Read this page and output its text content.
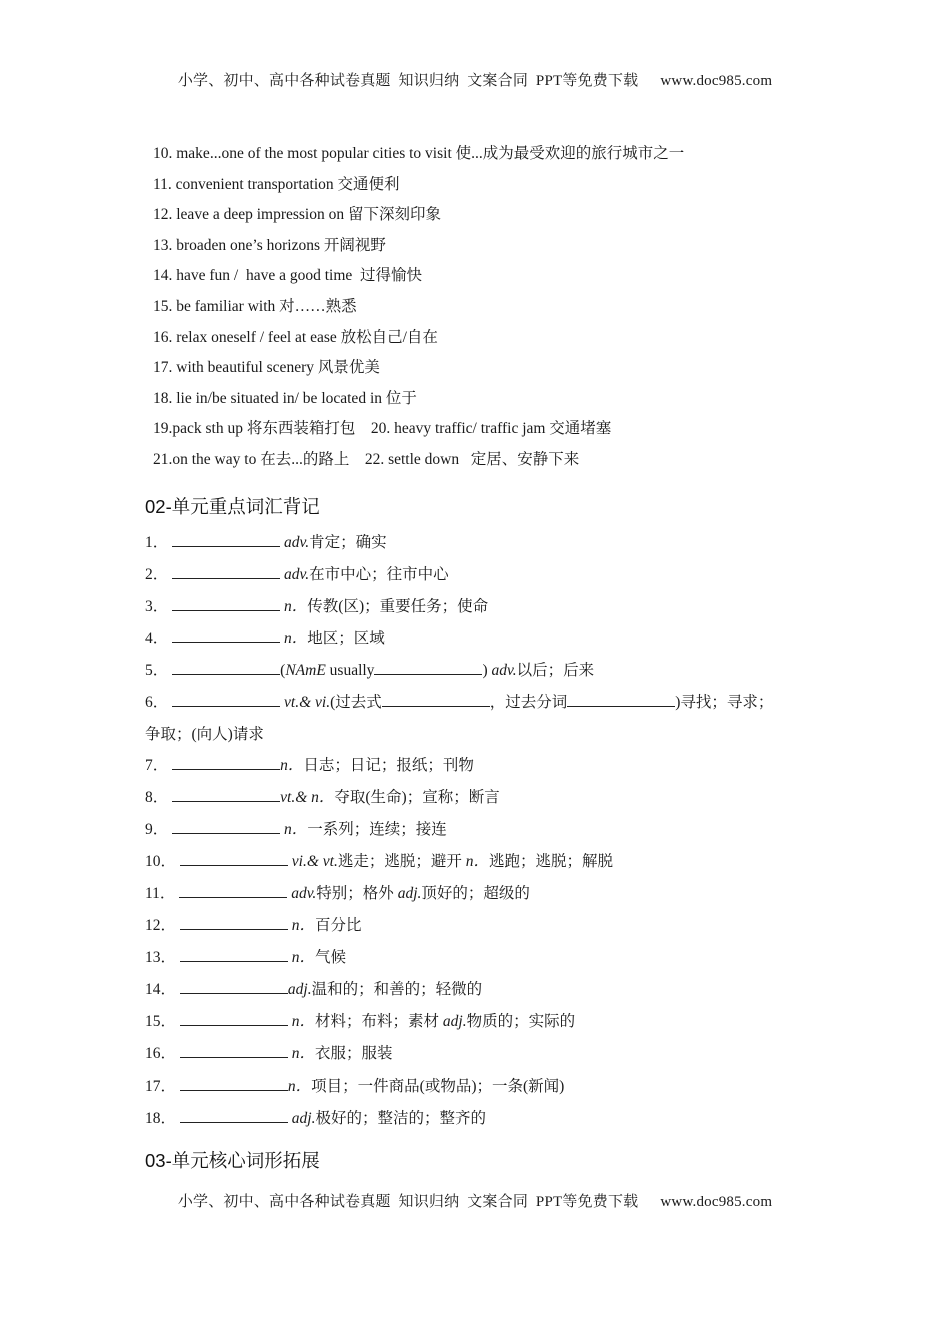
小学、初中、高中各种试卷真题  知识归纳  文案合同  PPT等免费下载 www.doc985.com
10. make...one of the most popular cities to visit 使...成为最受欢迎的旅行城市之一
11. convenient transportation 交通便利
12. leave a deep impression on 留下深刻印象
13. broaden one’s horizons 开阔视野
14. have fun /  have a good time  过得愉快
15. be familiar with 对……熟悉
16. relax oneself / feel at ease 放松自己/自在
17. with beautiful scenery 风景优美
18. lie in/be situated in/ be located in 位于
19.pack sth up 将东西装箱打包    20. heavy traffic/ traffic jam 交通堵塞
21.on the way to 在去...的路上    22. settle down   定居、安静下来
02-单元重点词汇背记
1．	adv.肯定；确实
2．	adv.在市中心；往市中心
3．	n．传教(区)；重要任务；使命
4．	n．地区；区域
5．	(NAmE usually	) adv.以后；后来
6．	vt.& vi.(过去式	，过去分词	)寻找；寻求；
争取；(向人)请求
7．	n．日志；日记；报纸；刊物
8．	vt.& n．夺取(生命)；宣称；断言
9．	n．一系列；连续；接连
10．	vi.& vt.逃走；逃脱；避开 n．逃跑；逃脱；解脱
11．	adv.特别；格外 adj.顶好的；超级的
12．	n．百分比
13．	n．气候
14．	adj.温和的；和善的；轻微的
15．	n．材料；布料；素材 adj.物质的；实际的
16．	n．衣服；服装
17．	n．项目；一件商品(或物品)；一条(新闻)
18．	adj.极好的；整洁的；整齐的
03-单元核心词形拓展
小学、初中、高中各种试卷真题  知识归纳  文案合同  PPT等免费下载 www.doc985.com
